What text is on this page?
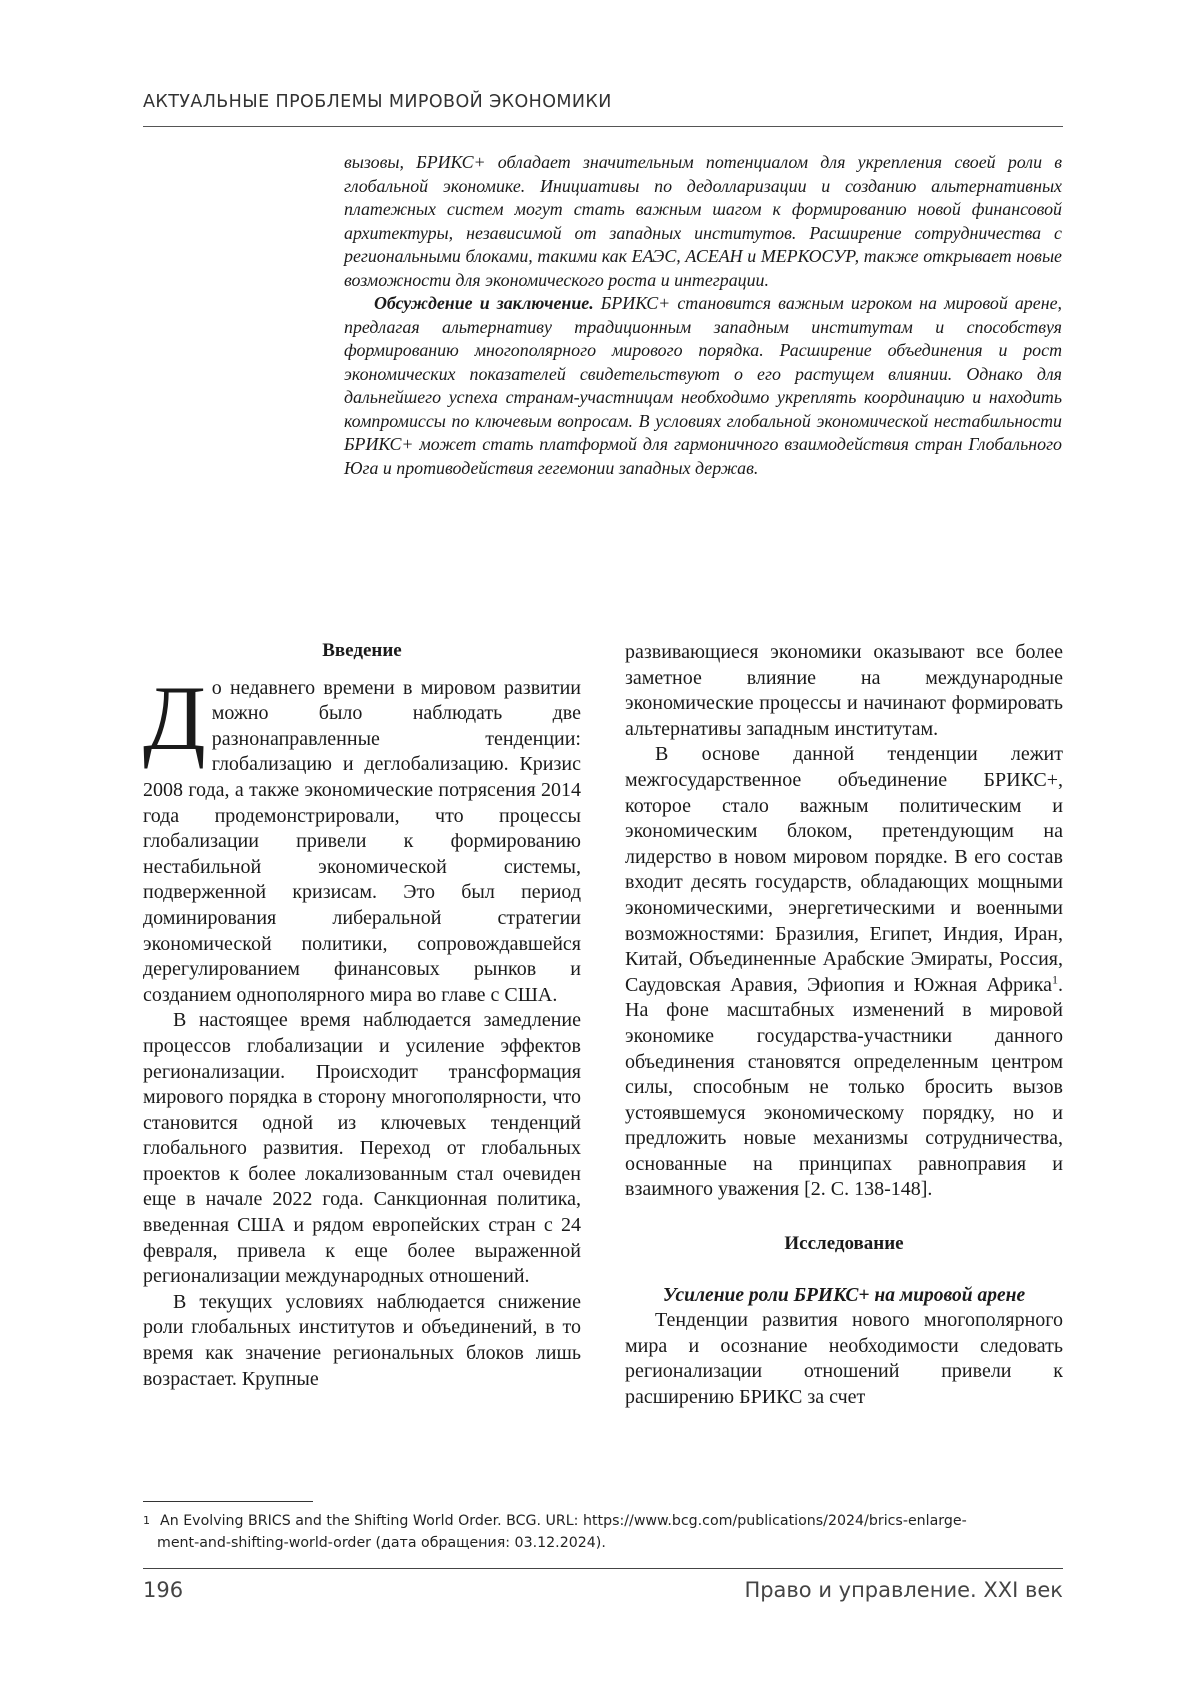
АКТУАЛЬНЫЕ ПРОБЛЕМЫ МИРОВОЙ ЭКОНОМИКИ

вызовы, БРИКС+ обладает значительным потенциалом для укрепления своей роли в глобальной экономике. Инициативы по дедолларизации и созданию альтернативных платежных систем могут стать важным шагом к формированию новой финансовой архитектуры, независимой от западных институтов. Расширение сотрудничества с региональными блоками, такими как ЕАЭС, АСЕАН и МЕРКОСУР, также открывает новые возможности для экономического роста и интеграции.

Обсуждение и заключение. БРИКС+ становится важным игроком на мировой арене, предлагая альтернативу традиционным западным институтам и способствуя формированию многополярного мирового порядка. Расширение объединения и рост экономических показателей свидетельствуют о его растущем влиянии. Однако для дальнейшего успеха странам-участницам необходимо укреплять координацию и находить компромиссы по ключевым вопросам. В условиях глобальной экономической нестабильности БРИКС+ может стать платформой для гармоничного взаимодействия стран Глобального Юга и противодействия гегемонии западных держав.

Введение

До недавнего времени в мировом развитии можно было наблюдать две разнонаправленные тенденции: глобализацию и деглобализацию. Кризис 2008 года, а также экономические потрясения 2014 года продемонстрировали, что процессы глобализации привели к формированию нестабильной экономической системы, подверженной кризисам. Это был период доминирования либеральной стратегии экономической политики, сопровождавшейся дерегулированием финансовых рынков и созданием однополярного мира во главе с США.

В настоящее время наблюдается замедление процессов глобализации и усиление эффектов регионализации. Происходит трансформация мирового порядка в сторону многополярности, что становится одной из ключевых тенденций глобального развития. Переход от глобальных проектов к более локализованным стал очевиден еще в начале 2022 года. Санкционная политика, введенная США и рядом европейских стран с 24 февраля, привела к еще более выраженной регионализации международных отношений.

В текущих условиях наблюдается снижение роли глобальных институтов и объединений, в то время как значение региональных блоков лишь возрастает. Крупные

развивающиеся экономики оказывают все более заметное влияние на международные экономические процессы и начинают формировать альтернативы западным институтам.

В основе данной тенденции лежит межгосударственное объединение БРИКС+, которое стало важным политическим и экономическим блоком, претендующим на лидерство в новом мировом порядке. В его состав входит десять государств, обладающих мощными экономическими, энергетическими и военными возможностями: Бразилия, Египет, Индия, Иран, Китай, Объединенные Арабские Эмираты, Россия, Саудовская Аравия, Эфиопия и Южная Африка$^1$. На фоне масштабных изменений в мировой экономике государства-участники данного объединения становятся определенным центром силы, способным не только бросить вызов устоявшемуся экономическому порядку, но и предложить новые механизмы сотрудничества, основанные на принципах равноправия и взаимного уважения [2. С. 138-148].

Исследование
Усиление роли БРИКС+ на мировой арене

Тенденции развития нового многополярного мира и осознание необходимости следовать регионализации отношений привели к расширению БРИКС за счет

$^1$ An Evolving BRICS and the Shifting World Order. BCG. URL: https://www.bcg.com/publications/2024/brics-enlarge-
ment-and-shifting-world-order (дата обращения: 03.12.2024).
196	Право и управление. XXI век
